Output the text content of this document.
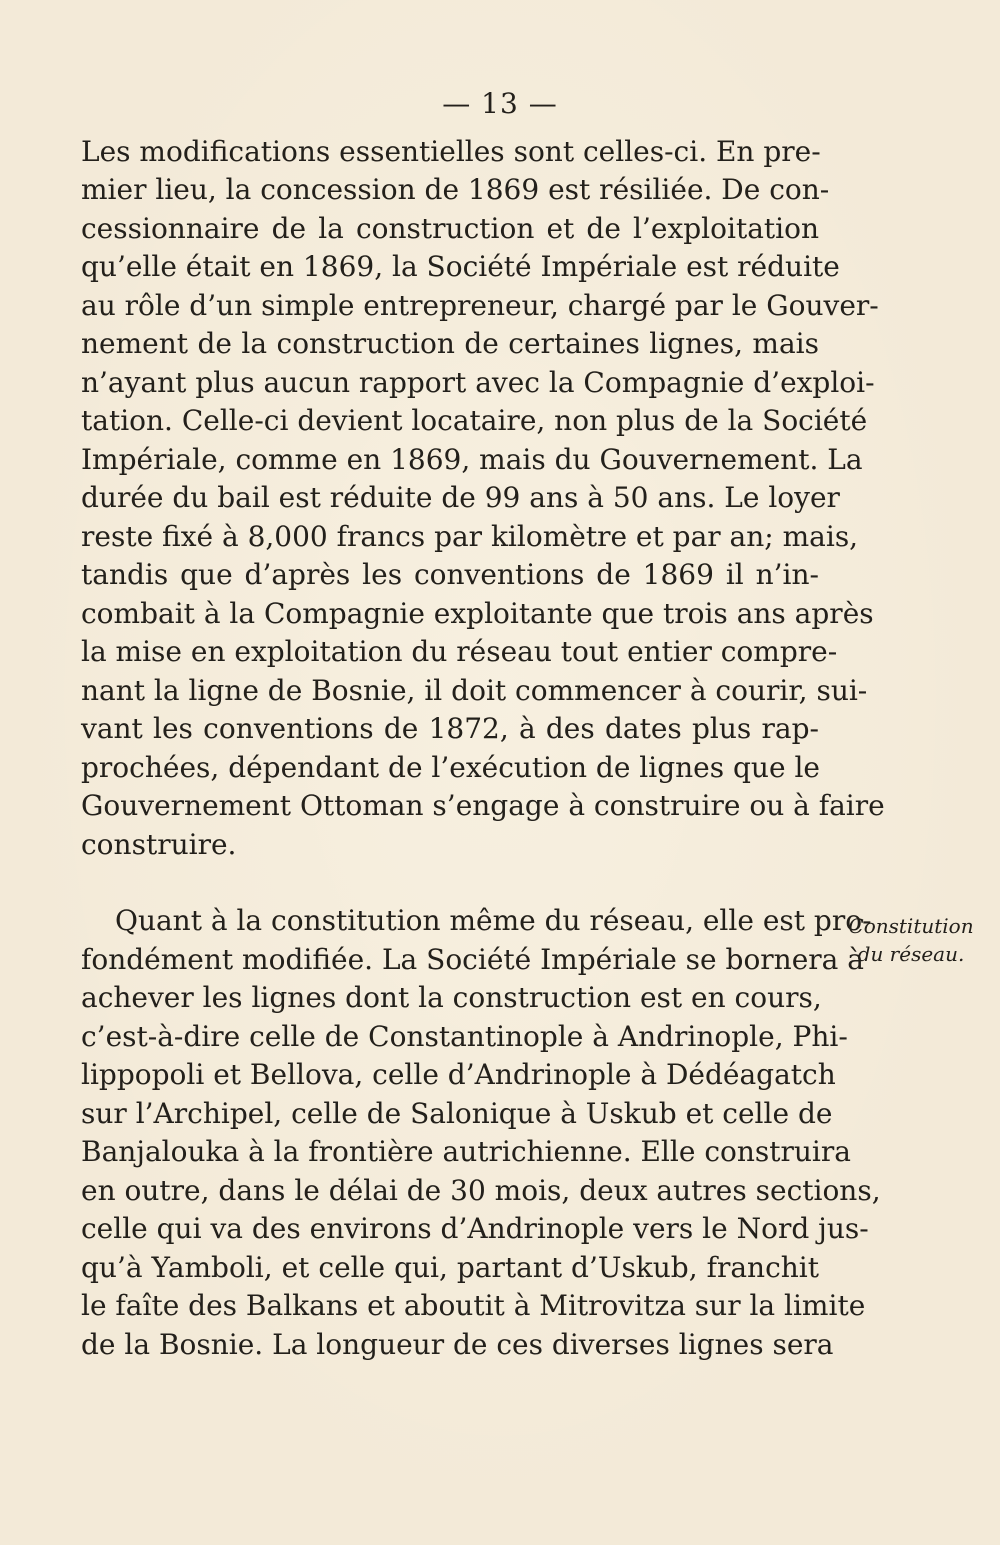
— 13 —
Les modifications essentielles sont celles-ci. En pre-
mier lieu, la concession de 1869 est résiliée. De con-
cessionnaire de la construction et de l’exploitation
qu’elle était en 1869, la Société Impériale est réduite
au rôle d’un simple entrepreneur, chargé par le Gouver-
nement de la construction de certaines lignes, mais
n’ayant plus aucun rapport avec la Compagnie d’exploi-
tation. Celle-ci devient locataire, non plus de la Société
Impériale, comme en 1869, mais du Gouvernement. La
durée du bail est réduite de 99 ans à 50 ans. Le loyer
reste fixé à 8,000 francs par kilomètre et par an; mais,
tandis que d’après les conventions de 1869 il n’in-
combait à la Compagnie exploitante que trois ans après
la mise en exploitation du réseau tout entier compre-
nant la ligne de Bosnie, il doit commencer à courir, sui-
vant les conventions de 1872, à des dates plus rap-
prochées, dépendant de l’exécution de lignes que le
Gouvernement Ottoman s’engage à construire ou à faire
construire.
Quant à la constitution même du réseau, elle est pro-
fondément modifiée. La Société Impériale se bornera à
achever les lignes dont la construction est en cours,
c’est-à-dire celle de Constantinople à Andrinople, Phi-
lippopoli et Bellova, celle d’Andrinople à Dédéagatch
sur l’Archipel, celle de Salonique à Uskub et celle de
Banjalouka à la frontière autrichienne. Elle construira
en outre, dans le délai de 30 mois, deux autres sections,
celle qui va des environs d’Andrinople vers le Nord jus-
qu’à Yamboli, et celle qui, partant d’Uskub, franchit
le faîte des Balkans et aboutit à Mitrovitza sur la limite
de la Bosnie. La longueur de ces diverses lignes sera
Constitution
du réseau.
